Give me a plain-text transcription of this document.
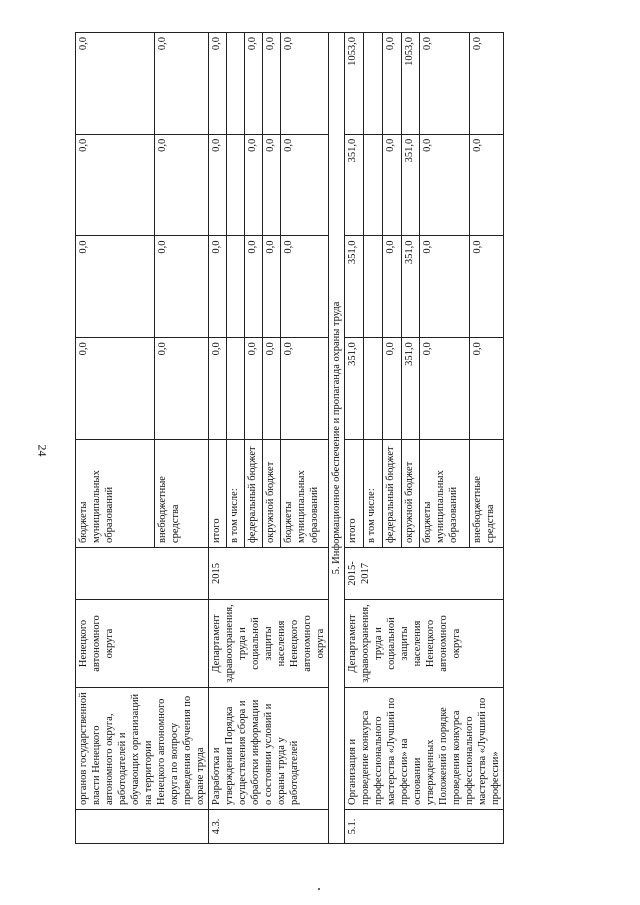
24
	органов государственной власти Ненецкого автономного округа, работодателей и обучающих организаций на территории Ненецкого автономного округа по вопросу проведения обучения по охране труда	Ненецкого автономного округа		бюджеты муниципальных образований	0,0	0,0	0,0	0,0
				внебюджетные средства	0,0	0,0	0,0	0,0
4.3.	Разработка и утверждения Порядка осуществления сбора и обработки информации о состоянии условий и охраны труда у работодателей	Департамент здравоохранения, труда и социальной защиты населения Ненецкого автономного округа	2015	итого	0,0	0,0	0,0	0,0
				в том числе:				
				федеральный бюджет	0,0	0,0	0,0	0,0
				окружной бюджет	0,0	0,0	0,0	0,0
				бюджеты муниципальных образований	0,0	0,0	0,0	0,0
5. Информационное обеспечение и пропаганда охраны труда								
5.1.	Организация и проведение конкурса профессионального мастерства «Лучший по профессии» на основании утвержденных Положений о порядке проведения конкурса профессионального мастерства «Лучший по профессии»	Департамент здравоохранения, труда и социальной защиты населения Ненецкого автономного округа	2015-2017	итого	351,0	351,0	351,0	1053,0
				в том числе:				
				федеральный бюджет	0,0	0,0	0,0	0,0
				окружной бюджет	351,0	351,0	351,0	1053,0
				бюджеты муниципальных образований	0,0	0,0	0,0	0,0
				внебюджетные средства	0,0	0,0	0,0	0,0
